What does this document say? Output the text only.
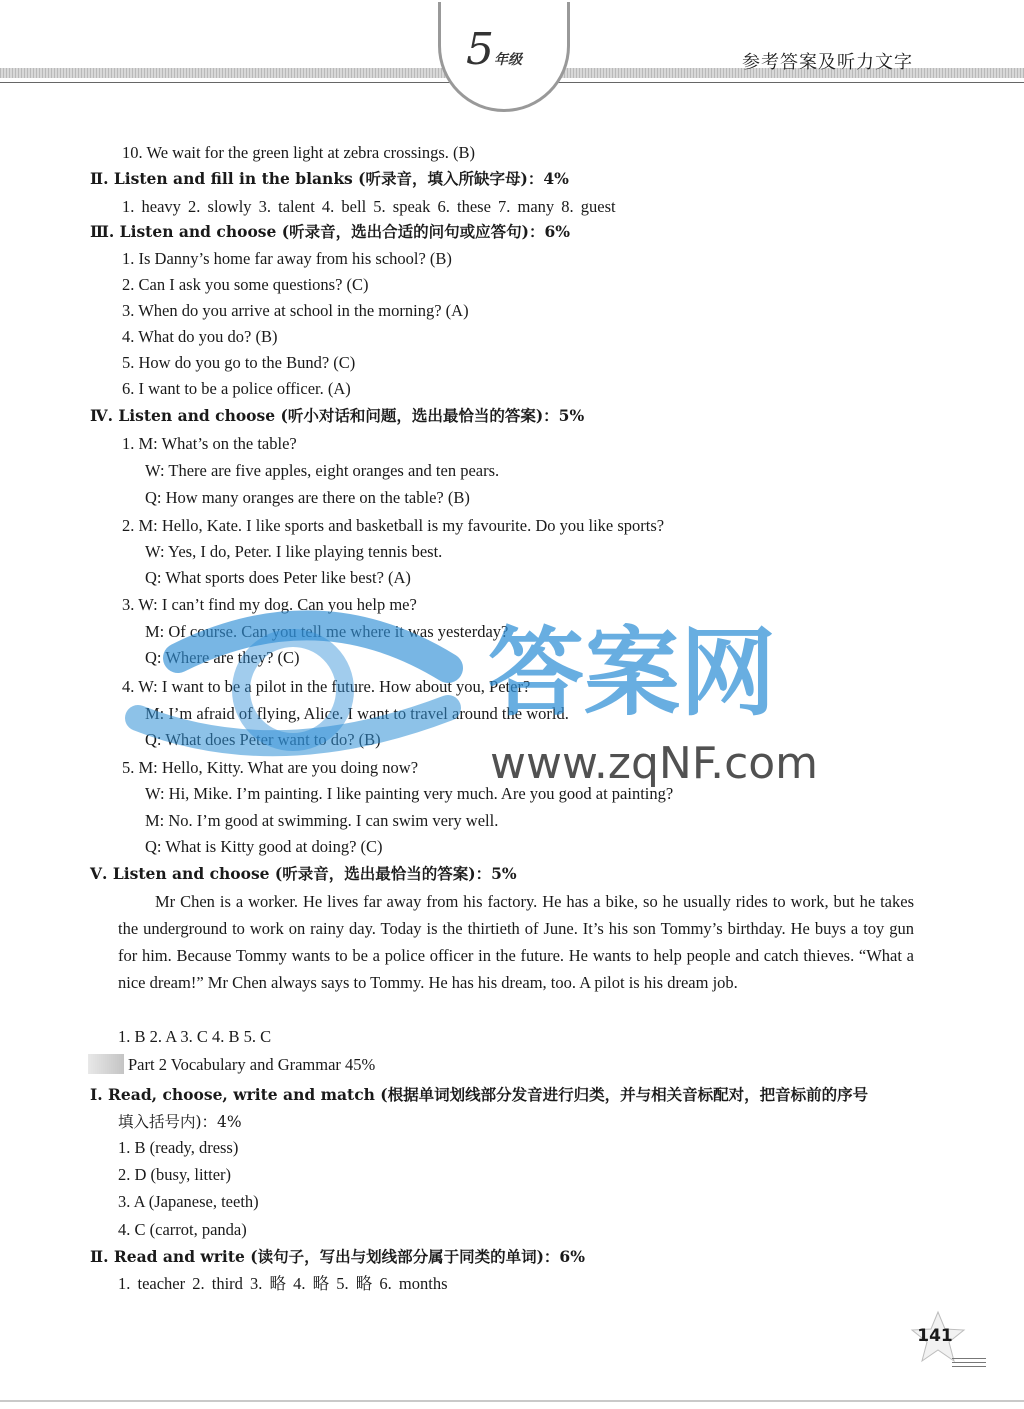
5年级	参考答案及听力文字
10. We wait for the green light at zebra crossings. (B)
Ⅱ. Listen and fill in the blanks (听录音，填入所缺字母)：4%
1. heavy 2. slowly 3. talent 4. bell 5. speak 6. these 7. many 8. guest
Ⅲ. Listen and choose (听录音，选出合适的问句或应答句)：6%
1. Is Danny’s home far away from his school? (B)
2. Can I ask you some questions? (C)
3. When do you arrive at school in the morning? (A)
4. What do you do? (B)
5. How do you go to the Bund? (C)
6. I want to be a police officer. (A)
Ⅳ. Listen and choose (听小对话和问题，选出最恰当的答案)：5%
1. M: What’s on the table?
W: There are five apples, eight oranges and ten pears.
Q: How many oranges are there on the table? (B)
2. M: Hello, Kate. I like sports and basketball is my favourite. Do you like sports?
W: Yes, I do, Peter. I like playing tennis best.
Q: What sports does Peter like best? (A)
3. W: I can’t find my dog. Can you help me?
M: Of course. Can you tell me where it was yesterday?
Q: Where are they? (C)
4. W: I want to be a pilot in the future. How about you, Peter?
M: I’m afraid of flying, Alice. I want to travel around the world.
Q: What does Peter want to do? (B)
5. M: Hello, Kitty. What are you doing now?
W: Hi, Mike. I’m painting. I like painting very much. Are you good at painting?
M: No. I’m good at swimming. I can swim very well.
Q: What is Kitty good at doing? (C)
Ⅴ. Listen and choose (听录音，选出最恰当的答案)：5%
Mr Chen is a worker. He lives far away from his factory. He has a bike, so he usually rides to work, but he takes the underground to work on rainy day. Today is the thirtieth of June. It’s his son Tommy’s birthday. He buys a toy gun for him. Because Tommy wants to be a police officer in the future. He wants to help people and catch thieves. “What a nice dream!” Mr Chen always says to Tommy. He has his dream, too. A pilot is his dream job.
1. B 2. A 3. C 4. B 5. C
Part 2 Vocabulary and Grammar 45%
Ⅰ. Read, choose, write and match (根据单词划线部分发音进行归类，并与相关音标配对，把音标前的序号
填入括号内)：4%
1. B (ready, dress)
2. D (busy, litter)
3. A (Japanese, teeth)
4. C (carrot, panda)
Ⅱ. Read and write (读句子，写出与划线部分属于同类的单词)：6%
1. teacher 2. third 3. 略 4. 略 5. 略 6. months
答案网
www.zqNF.com
141
